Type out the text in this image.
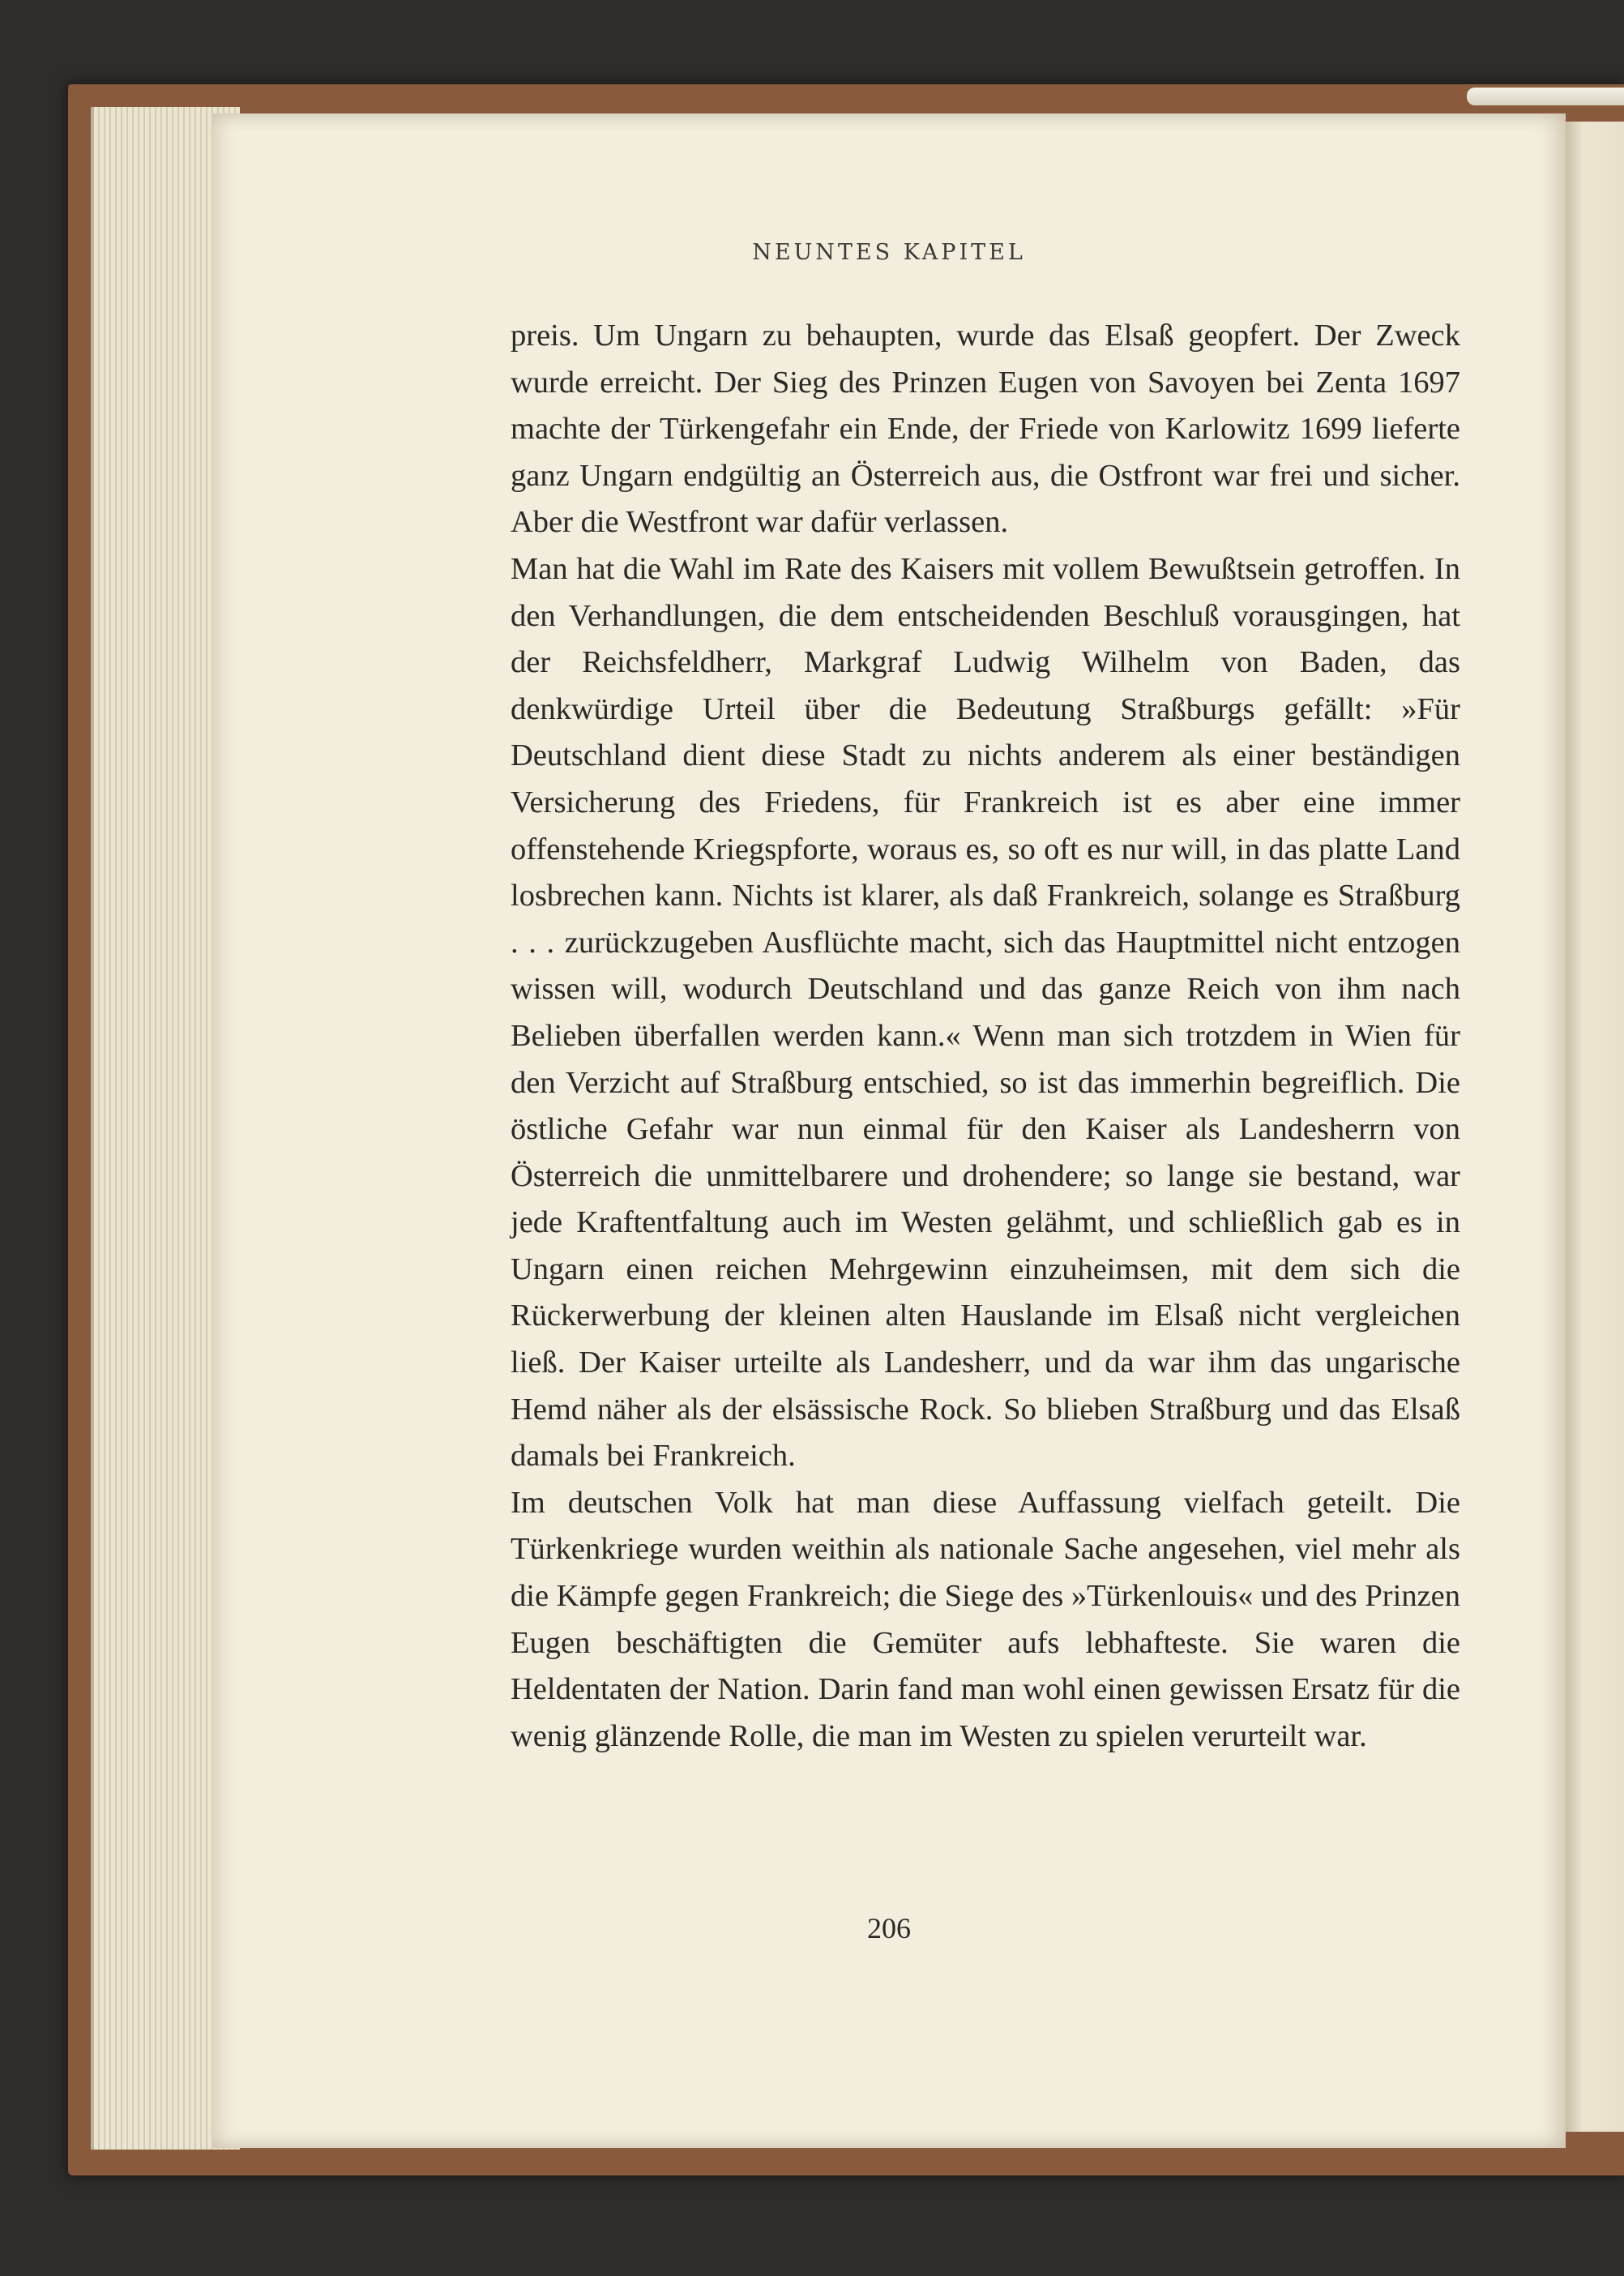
NEUNTES KAPITEL

preis. Um Ungarn zu behaupten, wurde das Elsaß geopfert. Der Zweck wurde erreicht. Der Sieg des Prinzen Eugen von Savoyen bei Zenta 1697 machte der Türkengefahr ein Ende, der Friede von Karlowitz 1699 lieferte ganz Ungarn endgültig an Österreich aus, die Ostfront war frei und sicher. Aber die Westfront war dafür verlassen.

Man hat die Wahl im Rate des Kaisers mit vollem Bewußtsein getroffen. In den Verhandlungen, die dem entscheidenden Beschluß vorausgingen, hat der Reichsfeldherr, Markgraf Ludwig Wilhelm von Baden, das denkwürdige Urteil über die Bedeutung Straßburgs gefällt: »Für Deutschland dient diese Stadt zu nichts anderem als einer beständigen Versicherung des Friedens, für Frankreich ist es aber eine immer offenstehende Kriegspforte, woraus es, so oft es nur will, in das platte Land losbrechen kann. Nichts ist klarer, als daß Frankreich, solange es Straßburg . . . zurückzugeben Ausflüchte macht, sich das Hauptmittel nicht entzogen wissen will, wodurch Deutschland und das ganze Reich von ihm nach Belieben überfallen werden kann.« Wenn man sich trotzdem in Wien für den Verzicht auf Straßburg entschied, so ist das immerhin begreiflich. Die östliche Gefahr war nun einmal für den Kaiser als Landesherrn von Österreich die unmittelbarere und drohendere; so lange sie bestand, war jede Kraftentfaltung auch im Westen gelähmt, und schließlich gab es in Ungarn einen reichen Mehrgewinn einzuheimsen, mit dem sich die Rückerwerbung der kleinen alten Hauslande im Elsaß nicht vergleichen ließ. Der Kaiser urteilte als Landesherr, und da war ihm das ungarische Hemd näher als der elsässische Rock. So blieben Straßburg und das Elsaß damals bei Frankreich.

Im deutschen Volk hat man diese Auffassung vielfach geteilt. Die Türkenkriege wurden weithin als nationale Sache angesehen, viel mehr als die Kämpfe gegen Frankreich; die Siege des »Türkenlouis« und des Prinzen Eugen beschäftigten die Gemüter aufs lebhafteste. Sie waren die Heldentaten der Nation. Darin fand man wohl einen gewissen Ersatz für die wenig glänzende Rolle, die man im Westen zu spielen verurteilt war.

206
